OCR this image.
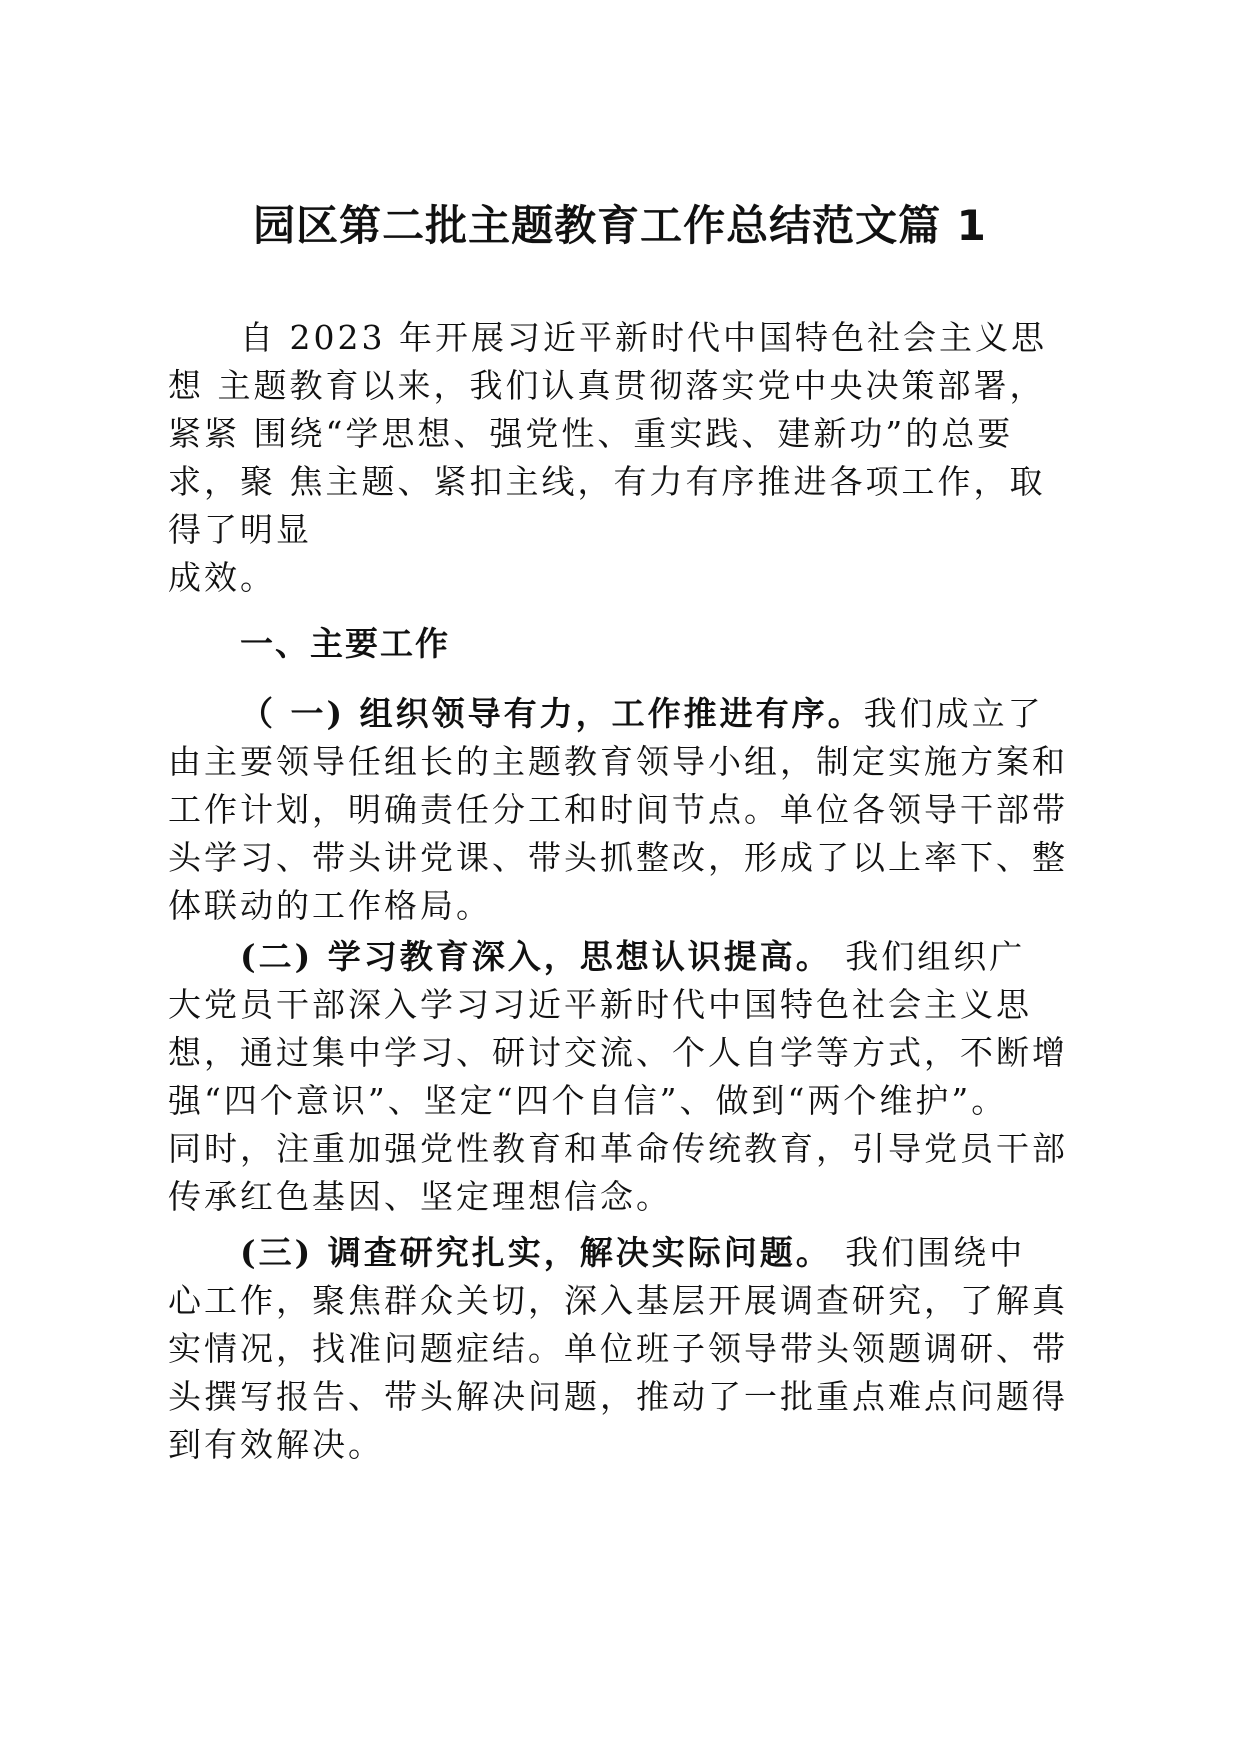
园区第二批主题教育工作总结范文篇 1
　　自 2023 年开展习近平新时代中国特色社会主义思
想 主题教育以来，我们认真贯彻落实党中央决策部署，
紧紧 围绕“学思想、强党性、重实践、建新功”的总要
求，聚 焦主题、紧扣主线，有力有序推进各项工作，取
得了明显
成效。
一、主要工作
（ 一) 组织领导有力，工作推进有序。我们成立了
由主要领导任组长的主题教育领导小组，制定实施方案和
工作计划，明确责任分工和时间节点。单位各领导干部带
头学习、带头讲党课、带头抓整改，形成了以上率下、整
体联动的工作格局。
(二) 学习教育深入，思想认识提高。 我们组织广
大党员干部深入学习习近平新时代中国特色社会主义思
想，通过集中学习、研讨交流、个人自学等方式，不断增
强“四个意识”、坚定“四个自信”、做到“两个维护”。
同时，注重加强党性教育和革命传统教育，引导党员干部
传承红色基因、坚定理想信念。
(三) 调查研究扎实，解决实际问题。 我们围绕中
心工作，聚焦群众关切，深入基层开展调查研究，了解真
实情况，找准问题症结。单位班子领导带头领题调研、带
头撰写报告、带头解决问题，推动了一批重点难点问题得
到有效解决。
